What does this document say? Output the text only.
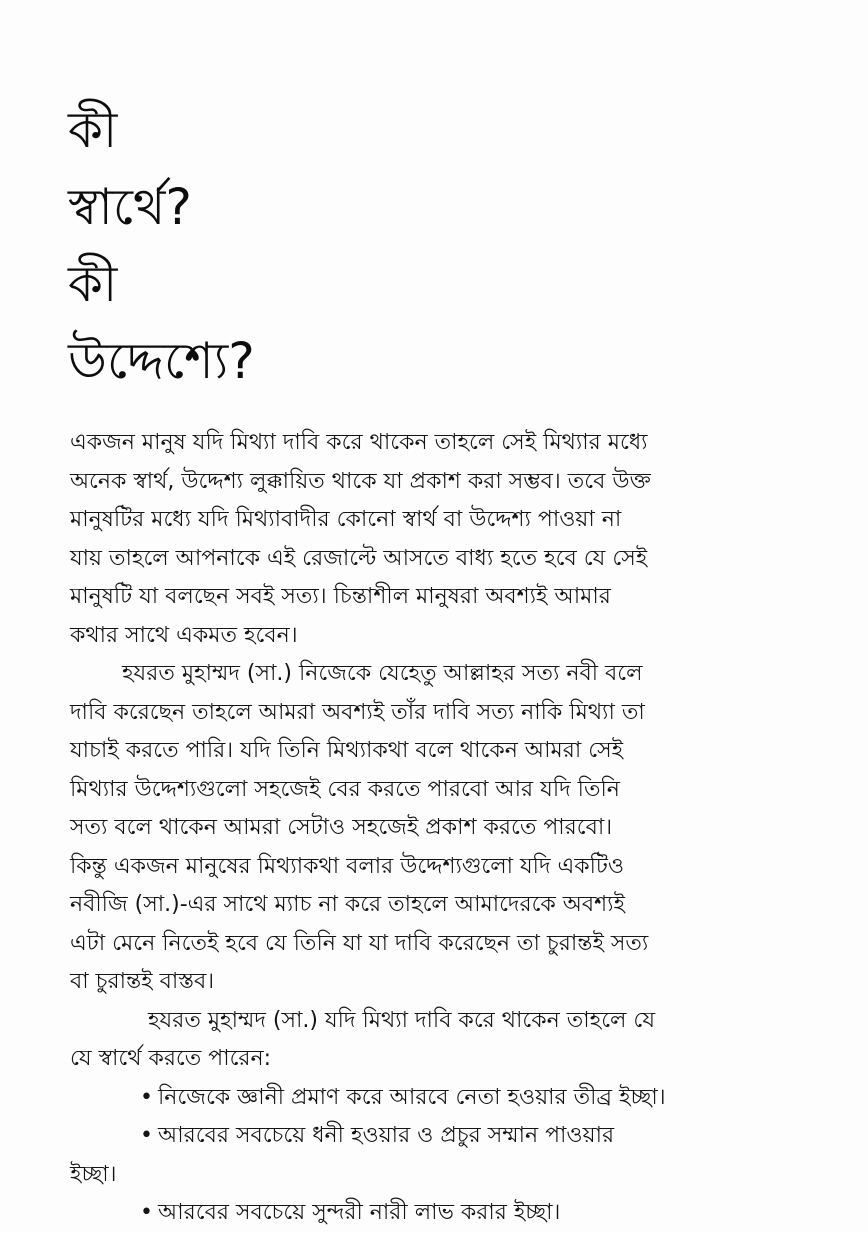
কী
স্বার্থে?
কী
উদ্দেশ্যে?
একজন মানুষ যদি মিথ্যা দাবি করে থাকেন তাহলে সেই মিথ্যার মধ্যে
অনেক স্বার্থ, উদ্দেশ্য লুক্কায়িত থাকে যা প্রকাশ করা সম্ভব। তবে উক্ত
মানুষটির মধ্যে যদি মিথ্যাবাদীর কোনো স্বার্থ বা উদ্দেশ্য পাওয়া না
যায় তাহলে আপনাকে এই রেজাল্টে আসতে বাধ্য হতে হবে যে সেই
মানুষটি যা বলছেন সবই সত্য। চিন্তাশীল মানুষরা অবশ্যই আমার
কথার সাথে একমত হবেন।
হযরত মুহাম্মদ (সা.) নিজেকে যেহেতু আল্লাহর সত্য নবী বলে
দাবি করেছেন তাহলে আমরা অবশ্যই তাঁর দাবি সত্য নাকি মিথ্যা তা
যাচাই করতে পারি। যদি তিনি মিথ্যাকথা বলে থাকেন আমরা সেই
মিথ্যার উদ্দেশ্যগুলো সহজেই বের করতে পারবো আর যদি তিনি
সত্য বলে থাকেন আমরা সেটাও সহজেই প্রকাশ করতে পারবো।
কিন্তু একজন মানুষের মিথ্যাকথা বলার উদ্দেশ্যগুলো যদি একটিও
নবীজি (সা.)-এর সাথে ম্যাচ না করে তাহলে আমাদেরকে অবশ্যই
এটা মেনে নিতেই হবে যে তিনি যা যা দাবি করেছেন তা চুরান্তই সত্য
বা চুরান্তই বাস্তব।
হযরত মুহাম্মদ (সা.) যদি মিথ্যা দাবি করে থাকেন তাহলে যে
যে স্বার্থে করতে পারেন:
• নিজেকে জ্ঞানী প্রমাণ করে আরবে নেতা হওয়ার তীব্র ইচ্ছা।
• আরবের সবচেয়ে ধনী হওয়ার ও প্রচুর সম্মান পাওয়ার
ইচ্ছা।
• আরবের সবচেয়ে সুন্দরী নারী লাভ করার ইচ্ছা।
